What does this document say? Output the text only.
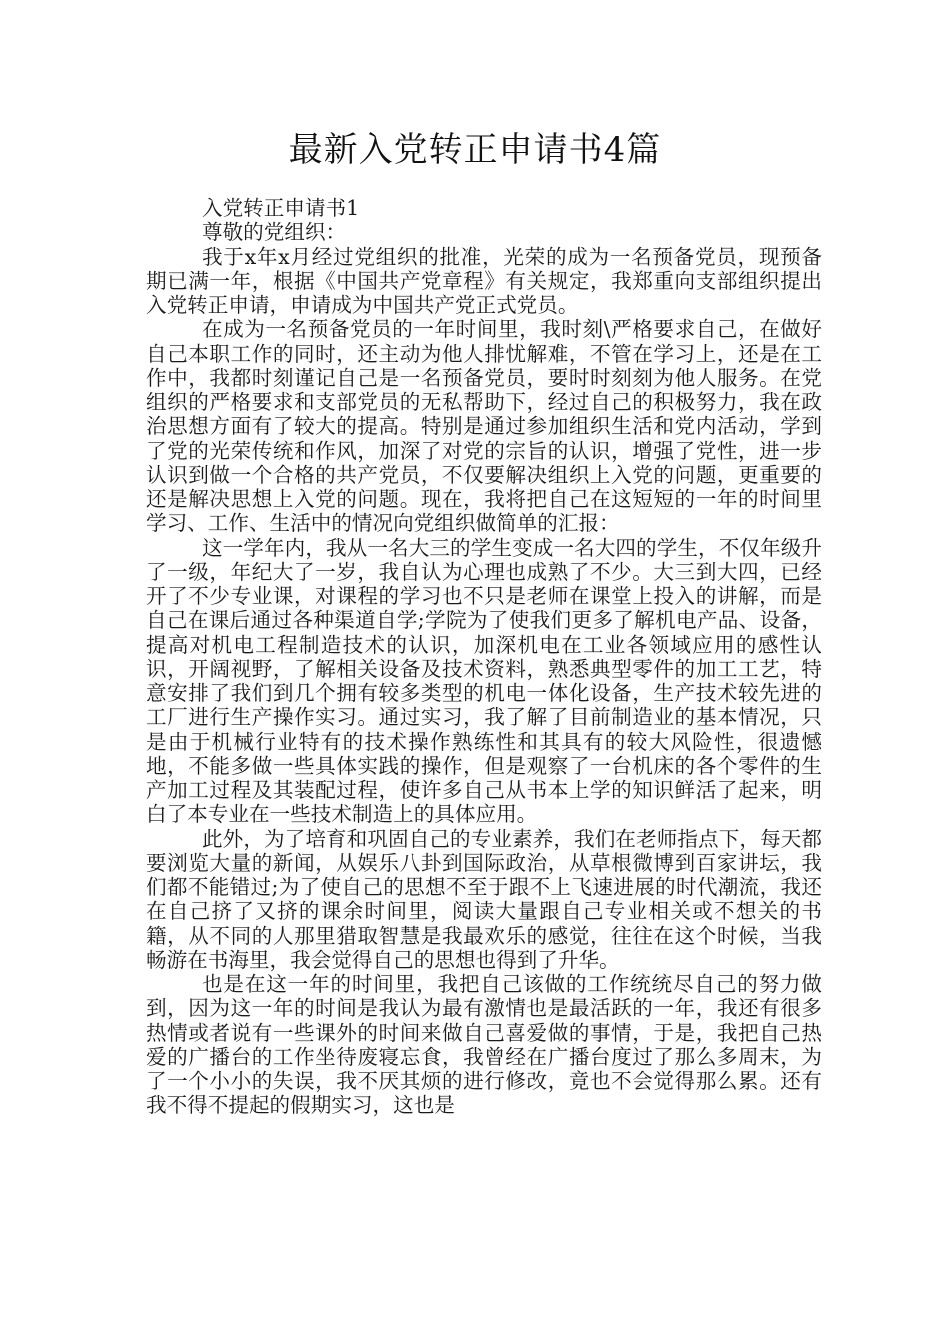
最新入党转正申请书4篇

入党转正申请书1

尊敬的党组织：

我于x年x月经过党组织的批准，光荣的成为一名预备党员，现预备期已满一年，根据《中国共产党章程》有关规定，我郑重向支部组织提出入党转正申请，申请成为中国共产党正式党员。

在成为一名预备党员的一年时间里，我时刻\严格要求自己，在做好自己本职工作的同时，还主动为他人排忧解难，不管在学习上，还是在工作中，我都时刻谨记自己是一名预备党员，要时时刻刻为他人服务。在党组织的严格要求和支部党员的无私帮助下，经过自己的积极努力，我在政治思想方面有了较大的提高。特别是通过参加组织生活和党内活动，学到了党的光荣传统和作风，加深了对党的宗旨的认识，增强了党性，进一步认识到做一个合格的共产党员，不仅要解决组织上入党的问题，更重要的还是解决思想上入党的问题。现在，我将把自己在这短短的一年的时间里学习、工作、生活中的情况向党组织做简单的汇报：

这一学年内，我从一名大三的学生变成一名大四的学生，不仅年级升了一级，年纪大了一岁，我自认为心理也成熟了不少。大三到大四，已经开了不少专业课，对课程的学习也不只是老师在课堂上投入的讲解，而是自己在课后通过各种渠道自学;学院为了使我们更多了解机电产品、设备，提高对机电工程制造技术的认识，加深机电在工业各领域应用的感性认识，开阔视野，了解相关设备及技术资料，熟悉典型零件的加工工艺，特意安排了我们到几个拥有较多类型的机电一体化设备，生产技术较先进的工厂进行生产操作实习。通过实习，我了解了目前制造业的基本情况，只是由于机械行业特有的技术操作熟练性和其具有的较大风险性，很遗憾地，不能多做一些具体实践的操作，但是观察了一台机床的各个零件的生产加工过程及其装配过程，使许多自己从书本上学的知识鲜活了起来，明白了本专业在一些技术制造上的具体应用。

此外，为了培育和巩固自己的专业素养，我们在老师指点下，每天都要浏览大量的新闻，从娱乐八卦到国际政治，从草根微博到百家讲坛，我们都不能错过;为了使自己的思想不至于跟不上飞速进展的时代潮流，我还在自己挤了又挤的课余时间里，阅读大量跟自己专业相关或不想关的书籍，从不同的人那里猎取智慧是我最欢乐的感觉，往往在这个时候，当我畅游在书海里，我会觉得自己的思想也得到了升华。

也是在这一年的时间里，我把自己该做的工作统统尽自己的努力做到，因为这一年的时间是我认为最有激情也是最活跃的一年，我还有很多热情或者说有一些课外的时间来做自己喜爱做的事情，于是，我把自己热爱的广播台的工作坐待废寝忘食，我曾经在广播台度过了那么多周末，为了一个小小的失误，我不厌其烦的进行修改，竟也不会觉得那么累。还有我不得不提起的假期实习，这也是
